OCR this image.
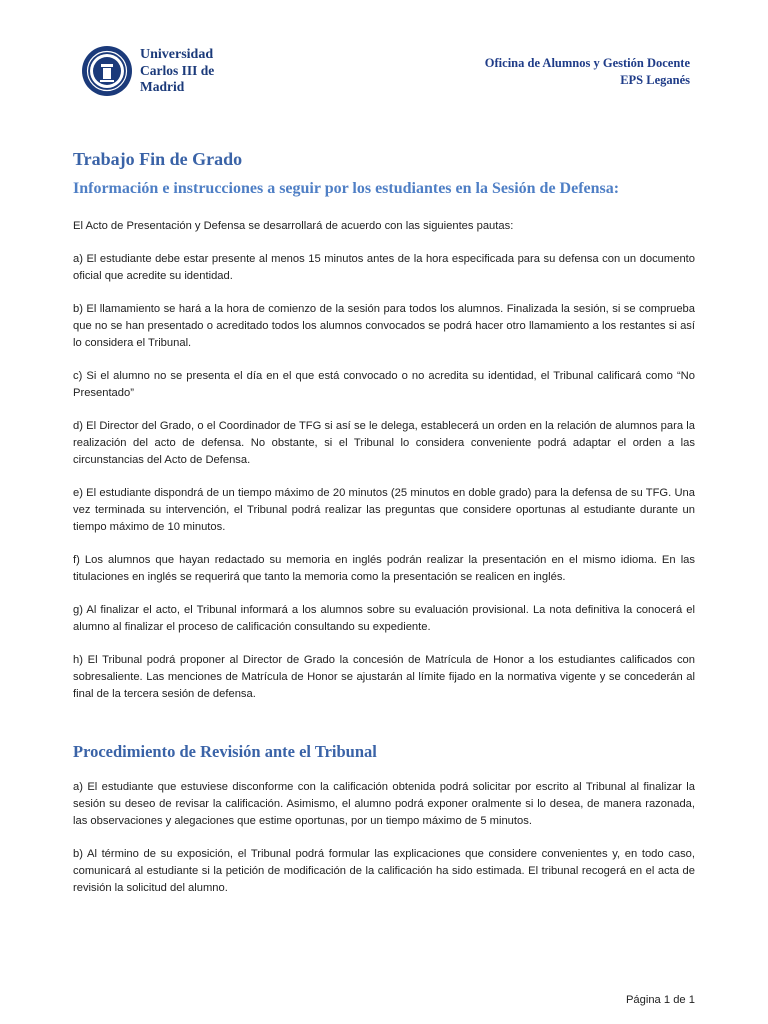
Universidad
Carlos III de Madrid
Oficina de Alumnos y Gestión Docente
EPS Leganés
Trabajo Fin de Grado
Información e instrucciones a seguir por los estudiantes en la Sesión de Defensa:

El Acto de Presentación y Defensa se desarrollará de acuerdo con las siguientes pautas:

a) El estudiante debe estar presente al menos 15 minutos antes de la hora especificada para su defensa con un documento oficial que acredite su identidad.

b) El llamamiento se hará a la hora de comienzo de la sesión para todos los alumnos. Finalizada la sesión, si se comprueba que no se han presentado o acreditado todos los alumnos convocados se podrá hacer otro llamamiento a los restantes si así lo considera el Tribunal.

c) Si el alumno no se presenta el día en el que está convocado o no acredita su identidad, el Tribunal calificará como “No Presentado”

d) El Director del Grado, o el Coordinador de TFG si así se le delega, establecerá un orden en la relación de alumnos para la realización del acto de defensa. No obstante, si el Tribunal lo considera conveniente podrá adaptar el orden a las circunstancias del Acto de Defensa.

e) El estudiante dispondrá de un tiempo máximo de 20 minutos (25 minutos en doble grado) para la defensa de su TFG. Una vez terminada su intervención, el Tribunal podrá realizar las preguntas que considere oportunas al estudiante durante un tiempo máximo de 10 minutos.

f) Los alumnos que hayan redactado su memoria en inglés podrán realizar la presentación en el mismo idioma. En las titulaciones en inglés se requerirá que tanto la memoria como la presentación se realicen en inglés.

g) Al finalizar el acto, el Tribunal informará a los alumnos sobre su evaluación provisional. La nota definitiva la conocerá el alumno al finalizar el proceso de calificación consultando su expediente.

h) El Tribunal podrá proponer al Director de Grado la concesión de Matrícula de Honor a los estudiantes calificados con sobresaliente. Las menciones de Matrícula de Honor se ajustarán al límite fijado en la normativa vigente y se concederán al final de la tercera sesión de defensa.

Procedimiento de Revisión ante el Tribunal

a) El estudiante que estuviese disconforme con la calificación obtenida podrá solicitar por escrito al Tribunal al finalizar la sesión su deseo de revisar la calificación. Asimismo, el alumno podrá exponer oralmente si lo desea, de manera razonada, las observaciones y alegaciones que estime oportunas, por un tiempo máximo de 5 minutos.

b) Al término de su exposición, el Tribunal podrá formular las explicaciones que considere convenientes y, en todo caso, comunicará al estudiante si la petición de modificación de la calificación ha sido estimada. El tribunal recogerá en el acta de revisión la solicitud del alumno.

Página 1 de 1
